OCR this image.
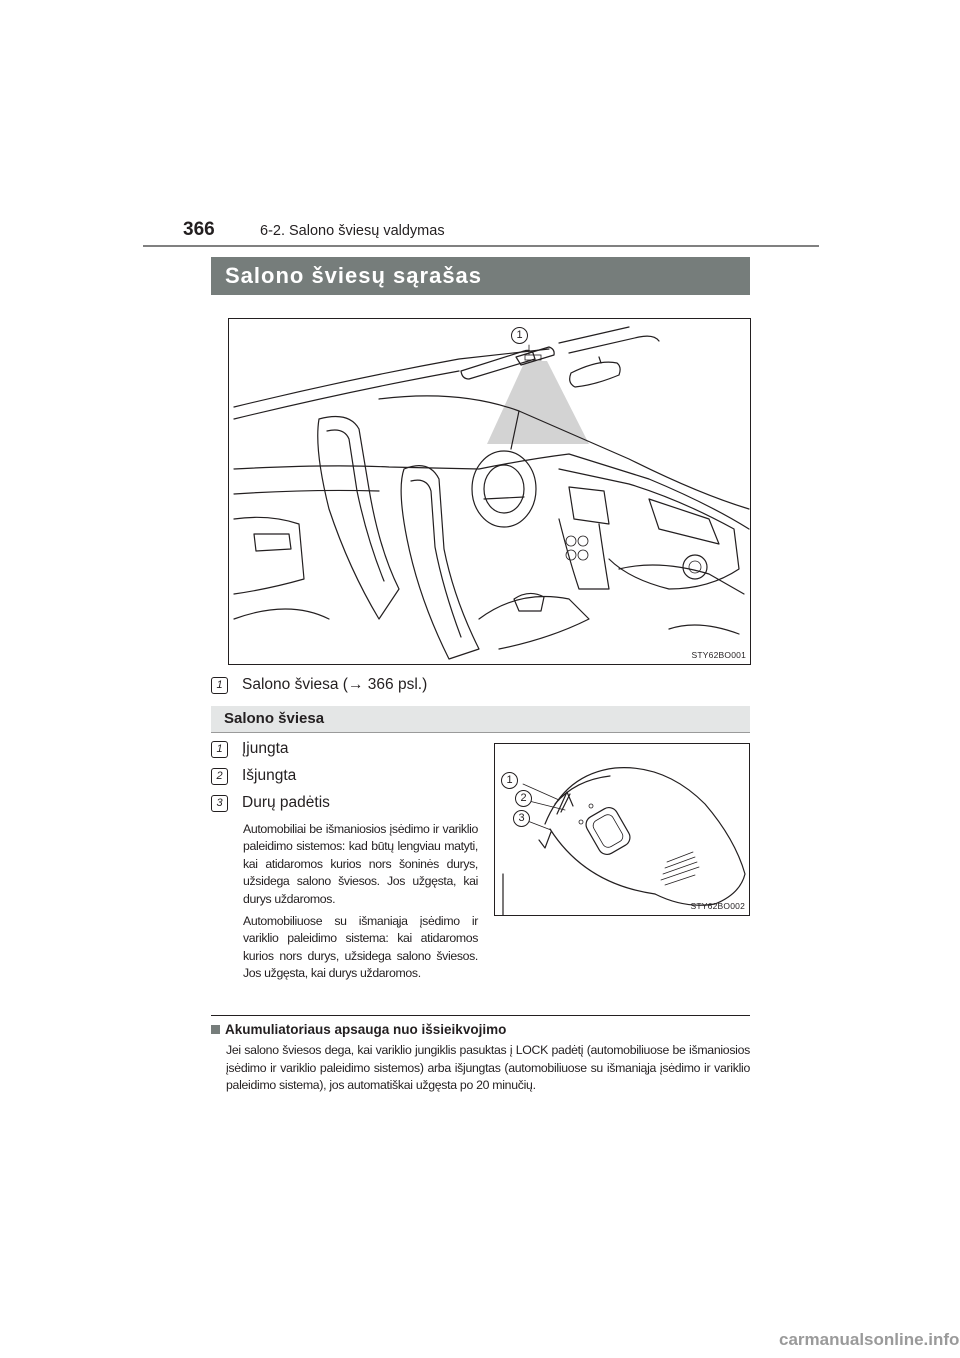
366	6-2. Salono šviesų valdymas
Salono šviesų sąrašas
1
STY62BO001
1	Salono šviesa (→ 366 psl.)
Salono šviesa
1	Įjungta
2	Išjungta
3	Durų padėtis
Automobiliai be išmaniosios įsėdimo ir variklio paleidimo sistemos: kad būtų lengviau matyti, kai atidaromos kurios nors šoninės durys, užsidega salono šviesos. Jos užgęsta, kai durys uždaromos.
Automobiliuose su išmaniąja įsėdimo ir variklio paleidimo sistema: kai atidaromos kurios nors durys, užsidega salono šviesos. Jos užgęsta, kai durys uždaromos.
1
2
3
STY62BO002
Akumuliatoriaus apsauga nuo išsieikvojimo
Jei salono šviesos dega, kai variklio jungiklis pasuktas į LOCK padėtį (automobiliuose be išmaniosios įsėdimo ir variklio paleidimo sistemos) arba išjungtas (automobiliuose su išmaniąja įsėdimo ir variklio paleidimo sistema), jos automatiškai užgęsta po 20 minučių.
carmanualsonline.info
